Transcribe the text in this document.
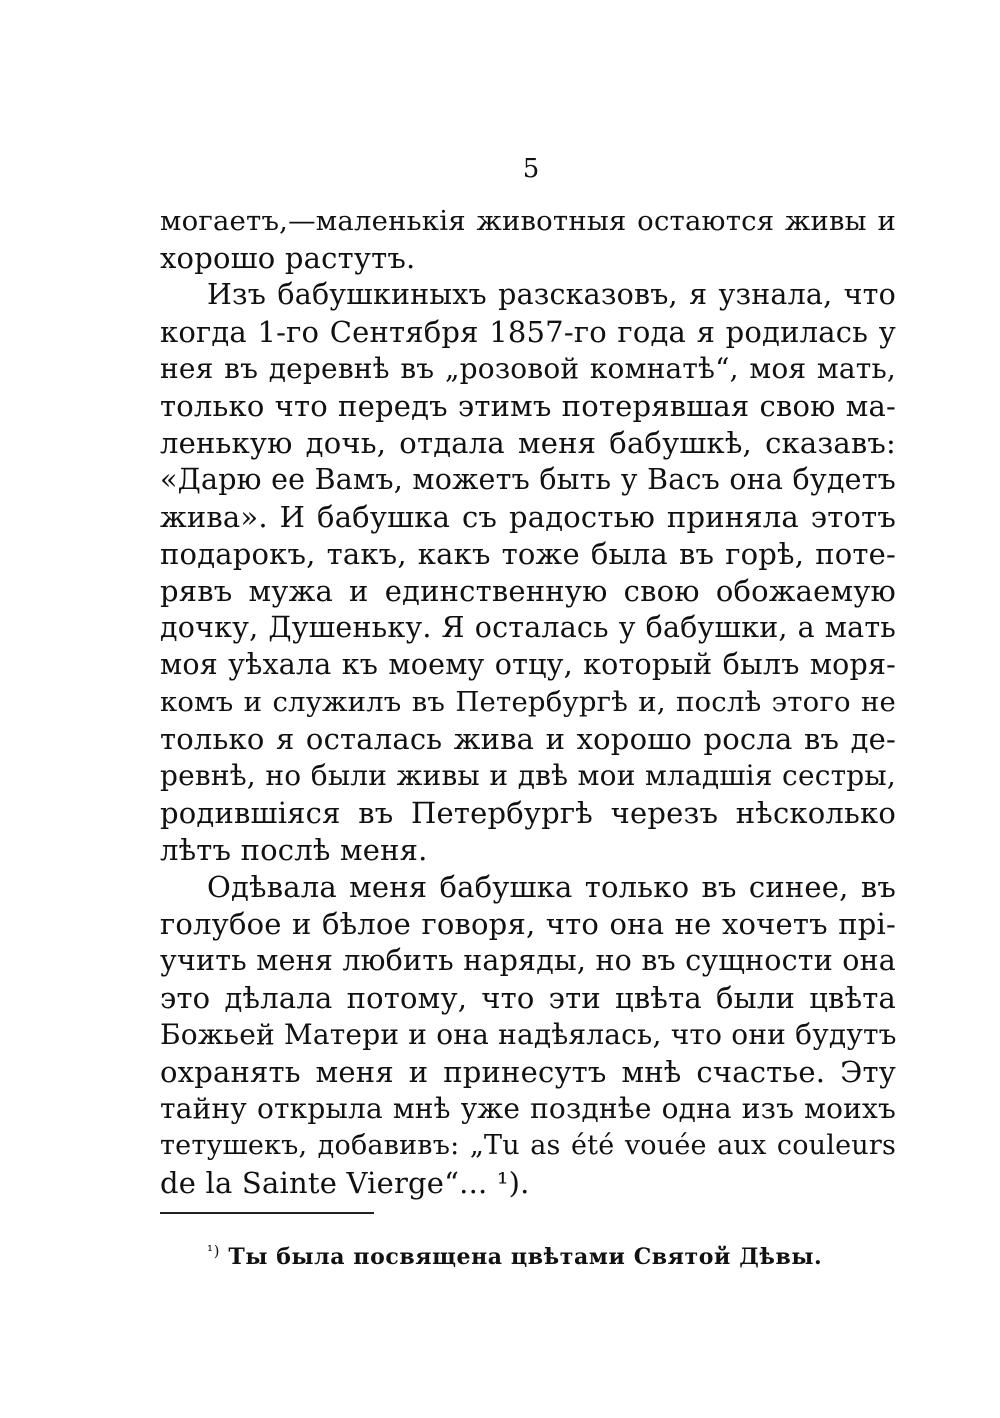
5
могаетъ,—маленькія животныя остаются живы и
хорошо растутъ.
Изъ бабушкиныхъ разсказовъ, я узнала, что
когда 1-го Сентября 1857-го года я родилась у
нея въ деревнѣ въ „розовой комнатѣ“, моя мать,
только что передъ этимъ потерявшая свою ма-
ленькую дочь, отдала меня бабушкѣ, сказавъ:
«Дарю ее Вамъ, можетъ быть у Васъ она будетъ
жива». И бабушка съ радостью приняла этотъ
подарокъ, такъ, какъ тоже была въ горѣ, поте-
рявъ мужа и единственную свою обожаемую
дочку, Душеньку. Я осталась у бабушки, а мать
моя уѣхала къ моему отцу, который былъ моря-
комъ и служилъ въ Петербургѣ и, послѣ этого не
только я осталась жива и хорошо росла въ де-
ревнѣ, но были живы и двѣ мои младшія сестры,
родившіяся въ Петербургѣ черезъ нѣсколько
лѣтъ послѣ меня.
Одѣвала меня бабушка только въ синее, въ
голубое и бѣлое говоря, что она не хочетъ прі-
учить меня любить наряды, но въ сущности она
это дѣлала потому, что эти цвѣта были цвѣта
Божьей Матери и она надѣялась, что они будутъ
охранять меня и принесутъ мнѣ счастье. Эту
тайну открыла мнѣ уже позднѣе одна изъ моихъ
тетушекъ, добавивъ: „Tu as été vouée aux couleurs
de la Sainte Vierge“... ¹).
$^{^1)}$ Ты была посвящена цвѣтами Святой Дѣвы.
